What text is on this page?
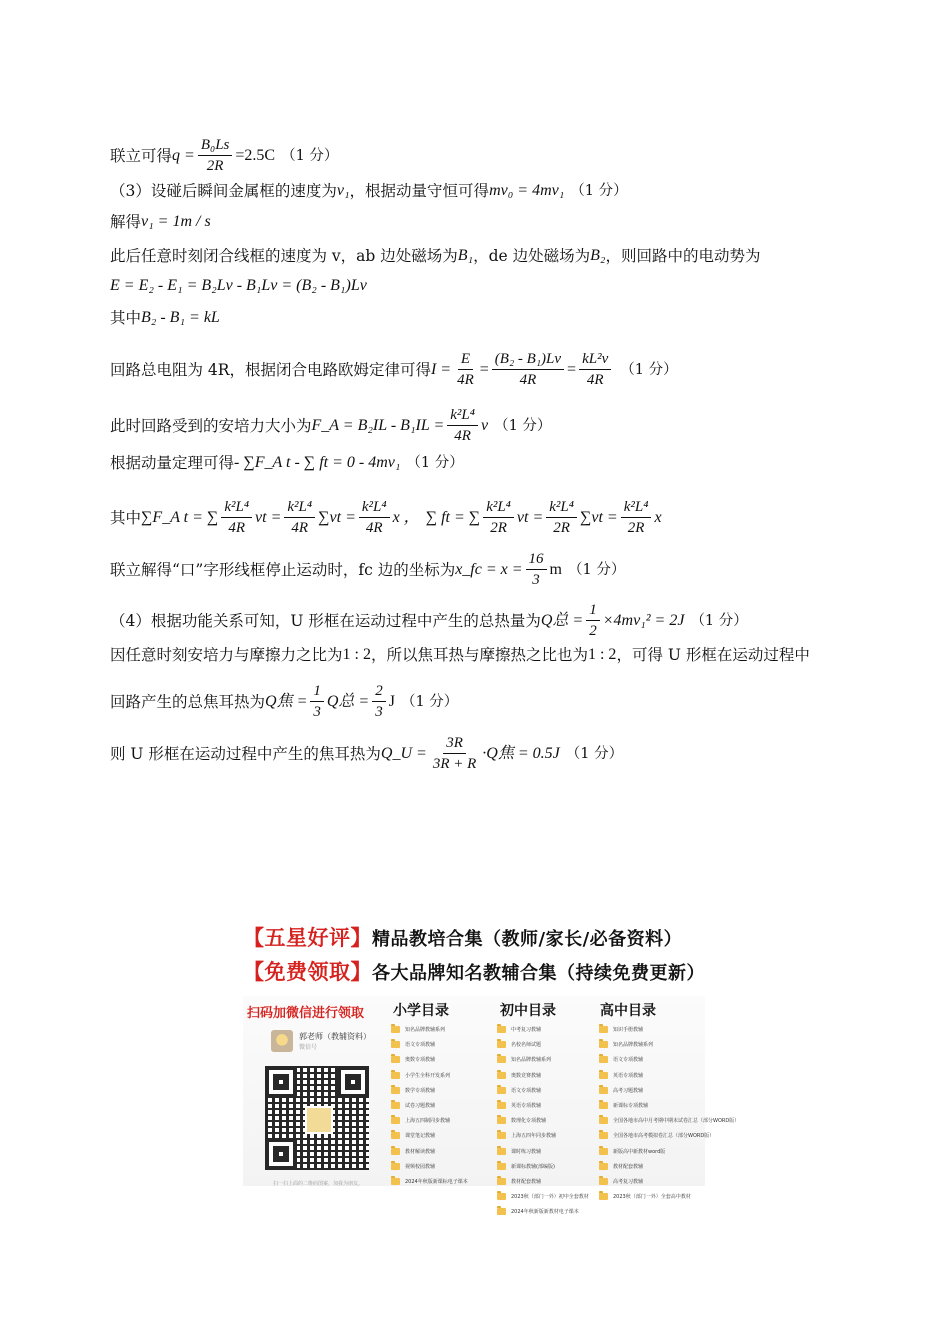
联立可得 $q = \frac{\text{B₀Ls}}{2R} =2.5C$ （1 分）
（3）设碰后瞬间金属框的速度为 v₁ ，根据动量守恒可得 mv₀ = 4mv₁ （1 分）
解得 v₁ = 1m / s
此后任意时刻闭合线框的速度为 v，ab 边处磁场为 B₁ ，de 边处磁场为 B₂ ，则回路中的电动势为
E = E₂ - E₁ = B₂Lv - B₁Lv = (B₂ - B₁)Lv
其中 B₂ - B₁ = kL
回路总电阻为 4R，根据闭合电路欧姆定律可得 $I = \frac{E}{4R} = \frac{\text{(B₂ - B₁)Lv}}{4R} = \frac{\text{kL²v}}{4R} (1$ 分）
此时回路受到的安培力大小为 F_A = $B_2IL - B_1IL = \frac{\text{k²L⁴}}{4R}$ v （1 分）
根据动量定理可得 - ∑F_A t - ∑ ft = 0 - 4mv₁ （1 分）
其中 ∑F_A t = ∑ $\frac{\text{k²L⁴}}{4R}$ vt = $\frac{\text{k²L⁴}}{4R} \sum vt = \frac{\text{k²L⁴}}{4R}$ x ， ∑ ft = ∑ $\frac{\text{k²L⁴}}{2R}$ vt = $\frac{\text{k²L⁴}}{2R} \sum vt = \frac{\text{k²L⁴}}{2R}$ x
联立解得“口”字形线框停止运动时，fc 边的坐标为 x_fc = $x = \frac{16}{3}$ m （1 分）
（4）根据功能关系可知，U 形框在运动过程中产生的总热量为 Q总 = $\frac{1}{2} \times 4mv_1^2 = 2J$ （1 分）
因任意时刻安培力与摩擦力之比为 1 : 2 ，所以焦耳热与摩擦热之比也为 1 : 2 ，可得 U 形框在运动过程中
回路产生的总焦耳热为 Q焦 = $\frac{1}{3}$ Q总 = $\frac{2}{3}$ J （1 分）
则 U 形框在运动过程中产生的焦耳热为 Q_U = $\frac{3R}{3R + R} \cdot Q$焦 = 0.5J （1 分）
【五星好评】精品教培合集（教师/家长/必备资料）
【免费领取】各大品牌知名教辅合集（持续免费更新）
扫码加微信进行领取 小学目录	初中目录	高中目录
郭老师（教辅资料）
微信号
扫一扫上面的二维码图案，加我为朋友。
知名品牌教辅系列
语文专项教辅
奥数专项教辅
小学生全科开发系列
数学专项教辅
试卷习题教辅
上海五四制同步教辅
课堂笔记教辅
教材解读教辅
视频校园教辅
2024年秋版新课标电子课本
中考复习教辅
名校名师试题
知名品牌教辅系列
奥数竞赛教辅
语文专项教辅
英语专项教辅
数理化专项教辅
上海五四年同步教辅
课时练习教辅
新课标教辅(部编版)
教材配套教辅
2023秋（部门一外）初中全套教材
2024年秋新版新教材电子课本
知识手册教辅
知名品牌教辅系列
语文专项教辅
英语专项教辅
高考习题教辅
新课标专项教辅
全国各地市高中月考期中期末试卷汇总（部分WORD版）
全国各地市高考模拟卷汇总（部分WORD版）
新版高中新教材word版
教材配套教辅
高考复习教辅
2023秋（部门一外）全套高中教材
